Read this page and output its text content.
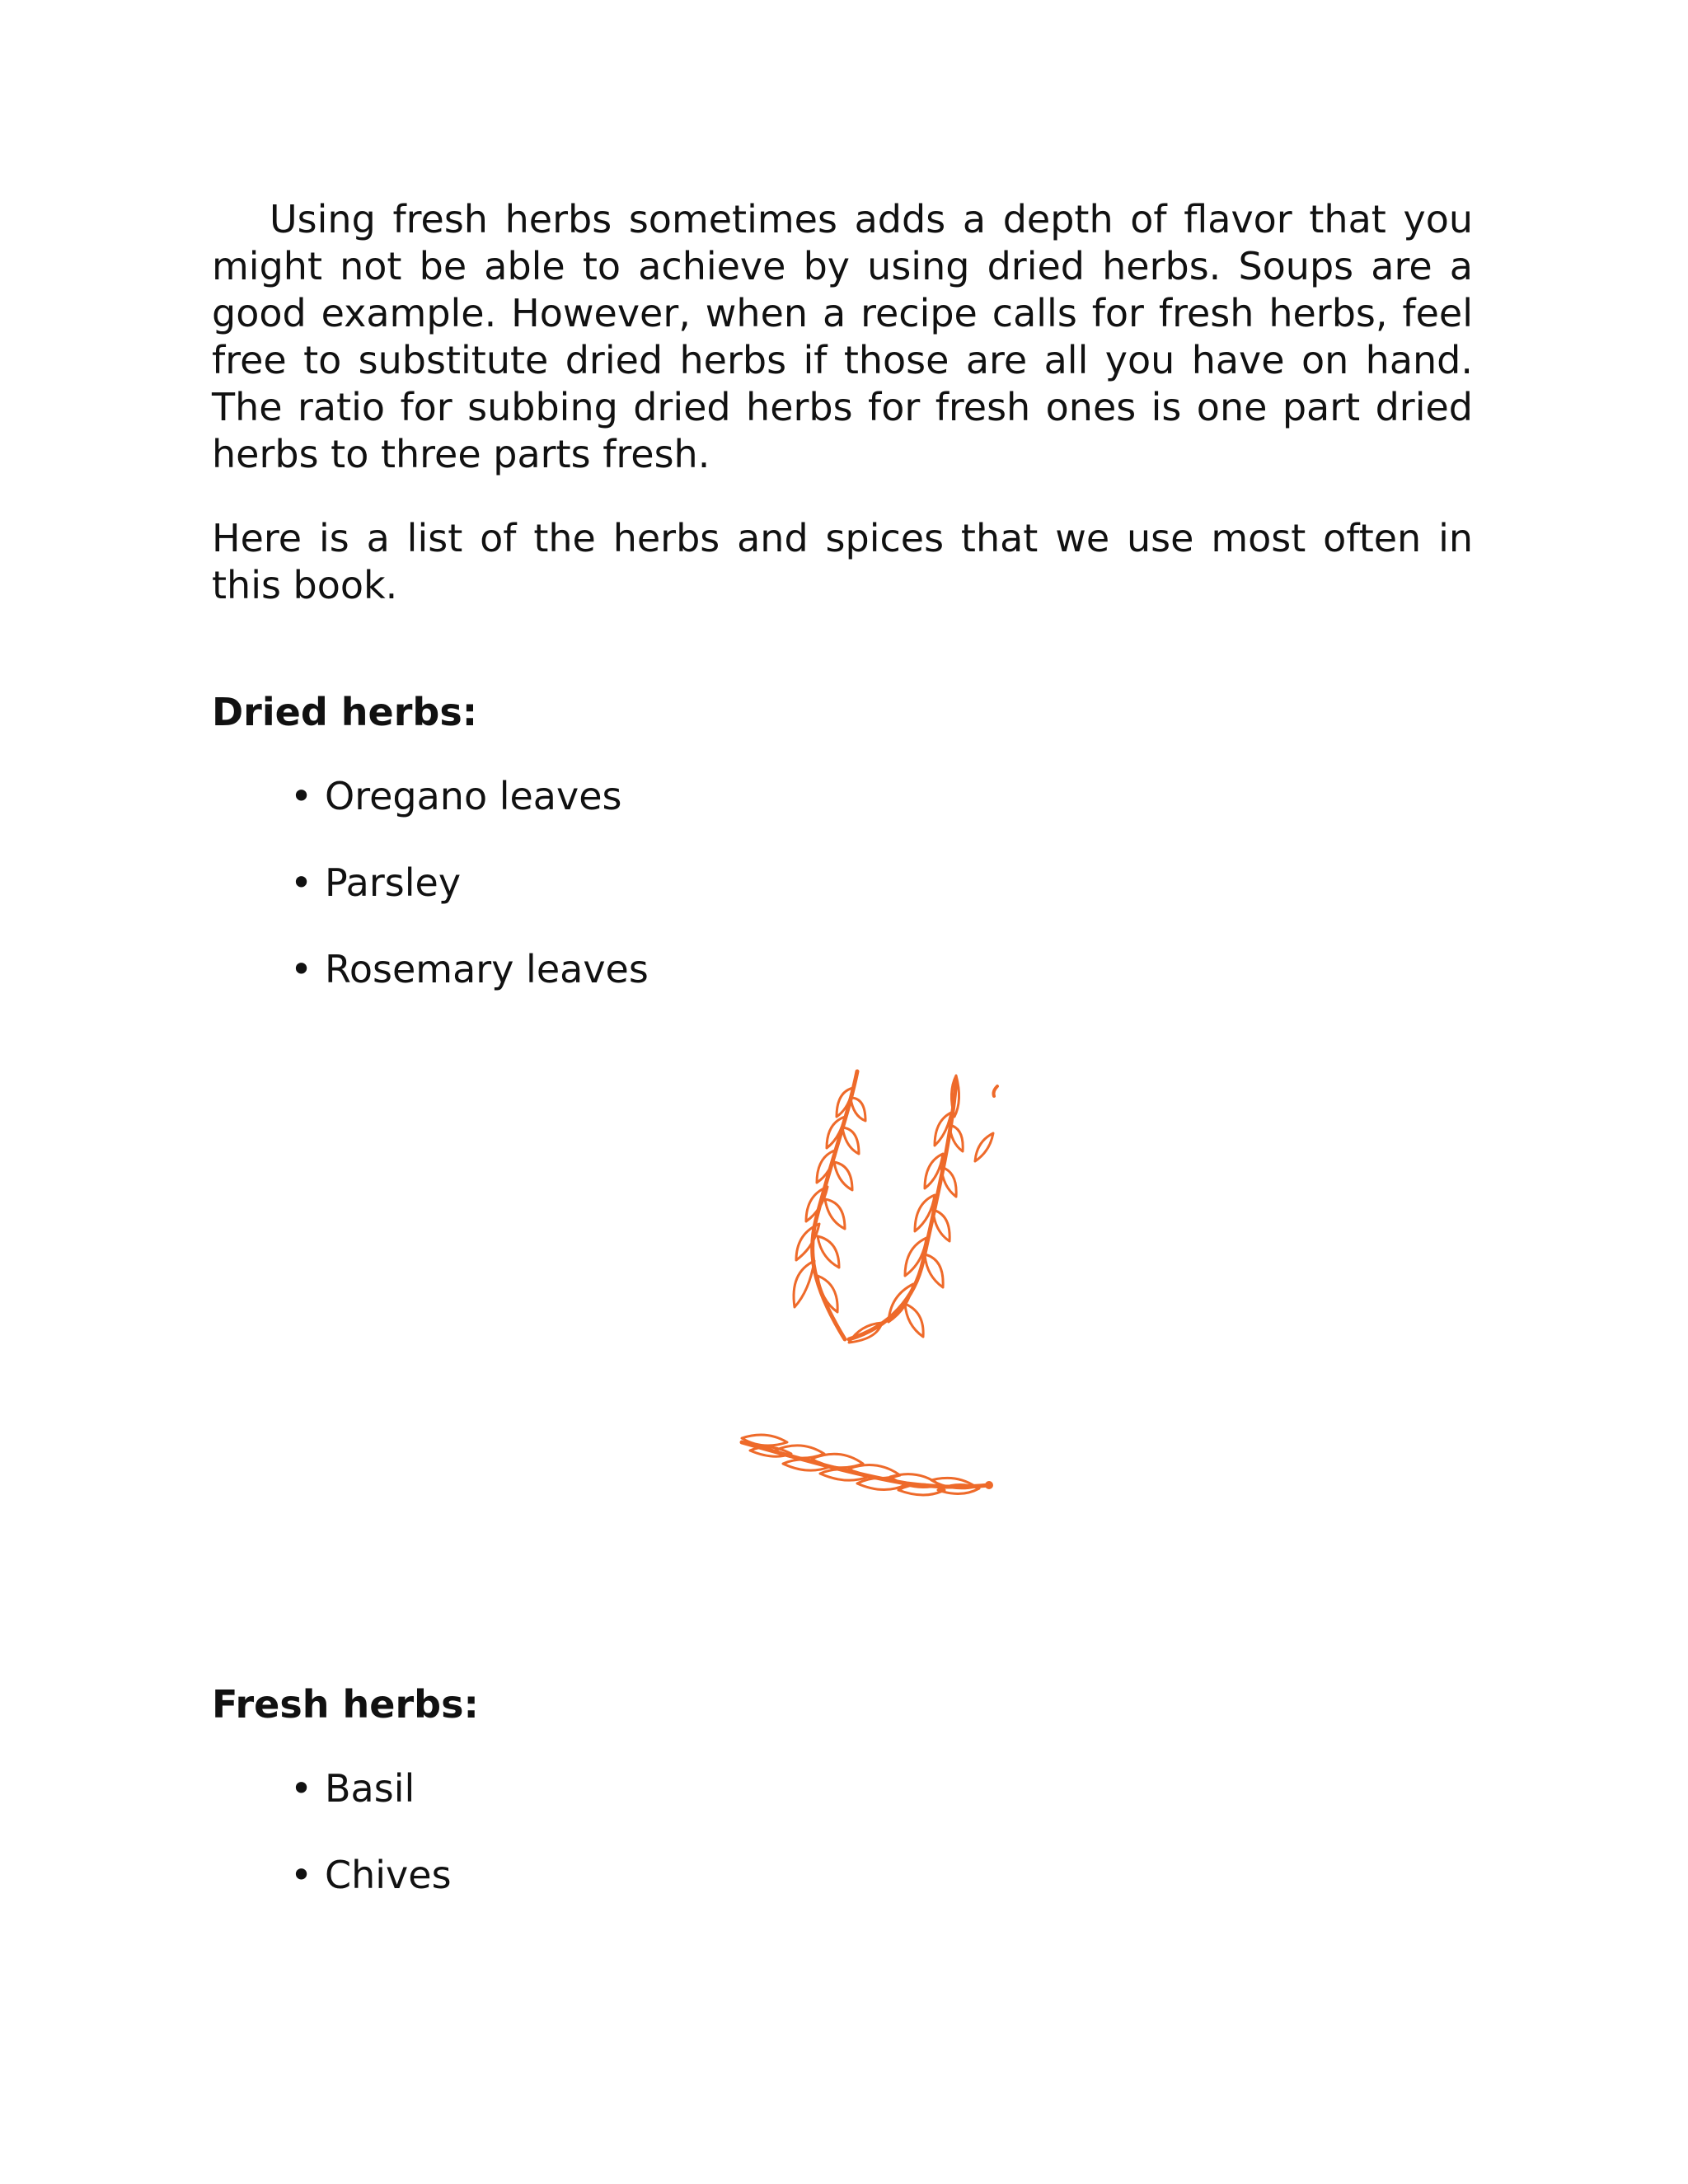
Using fresh herbs sometimes adds a depth of flavor that you might not be able to achieve by using dried herbs. Soups are a good example. However, when a recipe calls for fresh herbs, feel free to substitute dried herbs if those are all you have on hand. The ratio for subbing dried herbs for fresh ones is one part dried herbs to three parts fresh.

Here is a list of the herbs and spices that we use most often in this book.

Dried herbs:
• Oregano leaves
• Parsley
• Rosemary leaves
Fresh herbs:
• Basil
• Chives
